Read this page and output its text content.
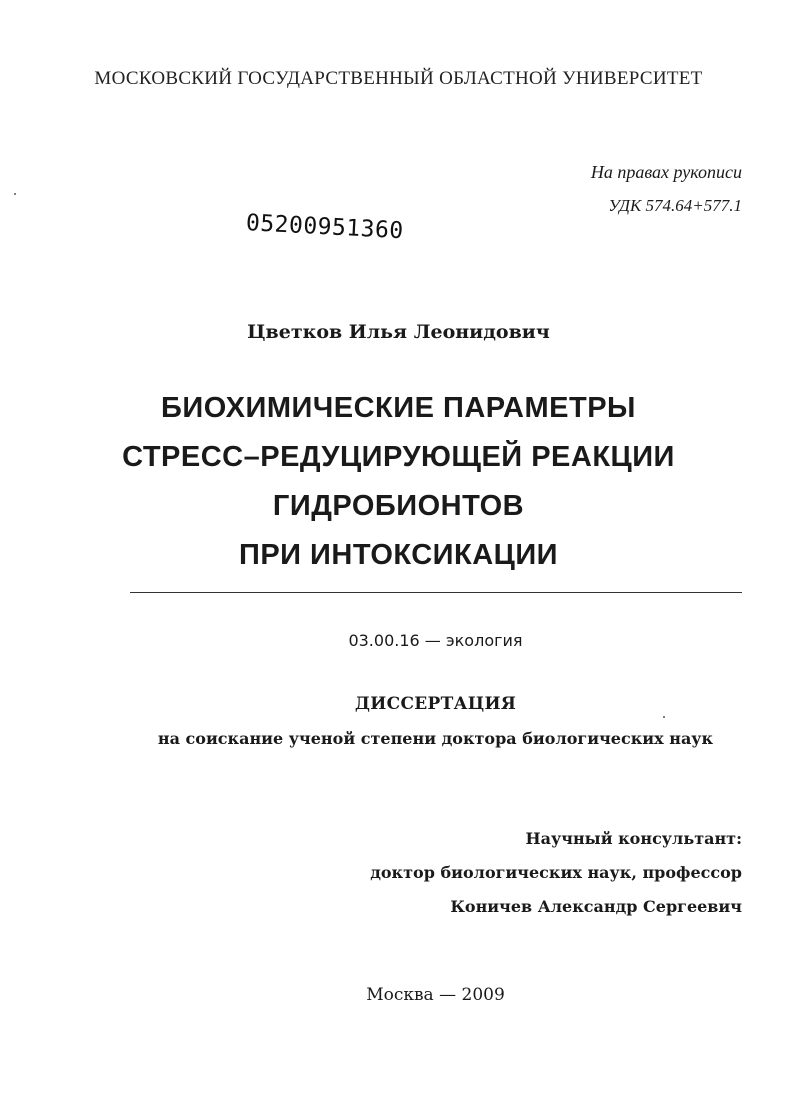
МОСКОВСКИЙ ГОСУДАРСТВЕННЫЙ ОБЛАСТНОЙ УНИВЕРСИТЕТ

На правах рукописи

УДК 574.64+577.1

05200951360

Цветков Илья Леонидович

БИОХИМИЧЕСКИЕ ПАРАМЕТРЫ
СТРЕСС–РЕДУЦИРУЮЩЕЙ РЕАКЦИИ
ГИДРОБИОНТОВ
ПРИ ИНТОКСИКАЦИИ

03.00.16 — экология

ДИССЕРТАЦИЯ

на соискание ученой степени доктора биологических наук

Научный консультант:
доктор биологических наук, профессор
Коничев Александр Сергеевич

Москва — 2009
